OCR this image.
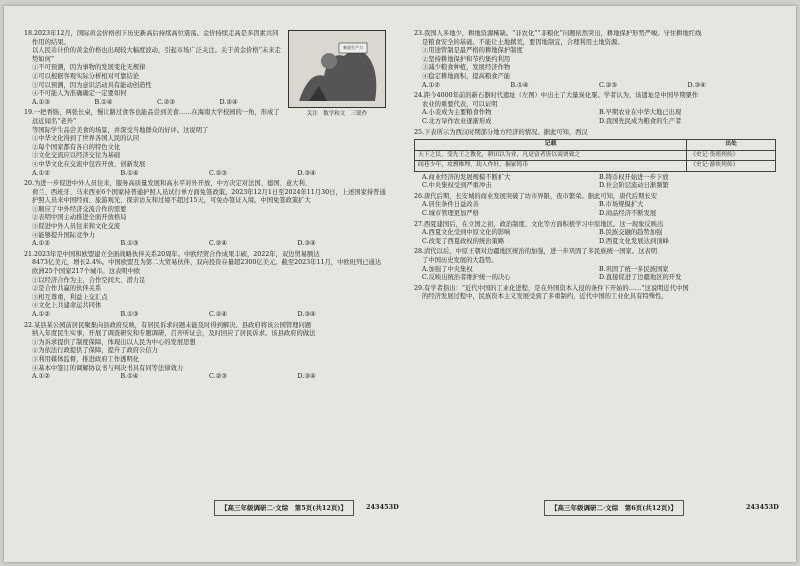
新质生产力
关注　数学和文　三联作
18.2023年12月，国际黄金价格创下历史新高后持续高位震荡。金价持续走高是多因素共同作用的结果。
以人民币计价的黄金价格也出现较大幅度波动，引起市场广泛关注。关于黄金价格“未来走势如何”
①不可预测，因为事物的发展变化无规律
②可以根据客观实际分析相对可靠结论
③可以预测，因为意识活动具有能动创造性
④不可能人为准确确定一定要如何
A.①③	B.①④	C.②③	D.②④
19.一把香肠，两张长桌，慢让路过食客也能品尝到美食……在海南大学校园的一角，形成了远近闻名“老外”
等国际学生品尝美食的场景，并深受当地群众的好评。这说明了
①中华文化得到了世界各国人民的认同
②每个国家都有各自的特色文化
③文化交流应以经济交往为基础
④中华文化在交流中包容开放、创新发展
A.①②	B.①④	C.②③	D.③④
20.为进一步促进中外人员往来，服务高质量发展和高水平对外开放，中方决定对法国、德国、意大利、
荷兰、西班牙、马来西亚6个国家持普通护照人员试行单方面免签政策。2023年12月1日至2024年11月30日，上述国家持普通护照人员来中国经商、旅游观光、探亲访友和过境不超过15天，可免办签证入境。中国免签政策扩大
①顺应了中外经济交流合作的需要
②表明中国主动推进全面开放格局
③促进中外人员往来和文化交流
④能够提升国际竞争力
A.①②	B.①③	C.②④	D.③④
21.2023年是中国和欧盟建立全面战略伙伴关系20周年。中欧经贸合作成果丰硕，2022年，双边贸易额达
8473亿美元，增长2.4%。中国欧盟互为第二大贸易伙伴，双向投资存量超2300亿美元。截至2023年11月，中欧班列已通达欧洲25个国家217个城市。这表明中欧
①以经济合作为主，合作空间大、潜力足
②是合作共赢的伙伴关系
③相互尊重，利益上交汇点
④文化上共建命运共同体
A.①②	B.①③	C.②④	D.③④
22.某县某公园前居民聚集向县政府反映，有居民诉求问题未能及时得到解决。县政府将该公园管理问题
纳入年度民生实事，开展了调查研究和专题调研，召开听证会，及时回应了居民诉求。该县政府的做法
①为诉求提供了制度保障，体现出以人民为中心的发展思想
②为依法行政提供了保障，提升了政府公信力
③利用媒体监督，推进政府工作透明化
④基本中签订的调解协议书与判决书具有同等法律效力
A.①②	B.①④	C.②③	D.③④
23.我国人多地少，耕地资源稀缺。“非农化”“非粮化”问题依然突出，耕地保护形势严峻。守住耕地红线
是粮食安全的基础。不能让土地撂荒，要因地制宜，合理利用土地资源。
①用途管制是最严格的耕地保护制度
②坚持耕地保护和节约集约利用
③减少粮食种植，发展经济作物
④稳定耕地面积，提高粮食产能
A.①②	B.①④	C.②③	D.③④
24.距今4000年前的新石器时代遗址（左图）中出土了大量炭化粟。学者认为，该遗址是中国早期粟作
农业的重要代表，可以证明
A.小麦成为主要粮食作物	B.早期农业在中华大地已出现
C.北方旱作农业逐渐形成	D.我国先民成为粮食的生产者
25.下表所示为西汉时期部分地方经济的情况。据此可知，西汉
记载	出处
天下之民，受先王之教化，耕田以为业，凡是富者皆以商贾致之	《史记·货殖列传》
闾巷少年，攻剽椎埋，劫人作奸，掘冢铸币	《史记·游侠列传》
A.商业经济的发展规模不断扩大	B.铸币权开始进一步下放
C.中央集权受到严重冲击	D.社会阶层流动日渐频繁
26.唐代后期，长安城的商业发展突破了坊市界限，夜市繁荣。据此可知，唐代后期长安
A.居住条件日益改善	B.市场规模扩大
C.城市管理更加严格	D.商品经济不断发展
27.西夏建国后，在立国之初，政治制度、文化等方面积极学习中原地区。这一现象反映出
A.西夏文化受到中原文化的影响	B.民族交融的趋势加强
C.改变了西夏政权的统治策略	D.西夏文化发展达到顶峰
28.清代以后，中原王朝对边疆地区统治的加强，进一步巩固了多民族统一国家。这表明
了中国历史发展的大趋势。
A.加强了中央集权	B.巩固了统一多民族国家
C.反映出统治者维护统一的决心	D.直接促进了边疆地区的开发
29.有学者指出：“近代中国的工业化进程，是在外国资本入侵的条件下开始的……”这说明近代中国
的经济发展过程中，民族资本主义发展受到了多重制约，近代中国的工业化具有特殊性。
【高三年级调研二·文综　第5页(共12页)】	243453D	【高三年级调研二·文综　第6页(共12页)】	243453D
